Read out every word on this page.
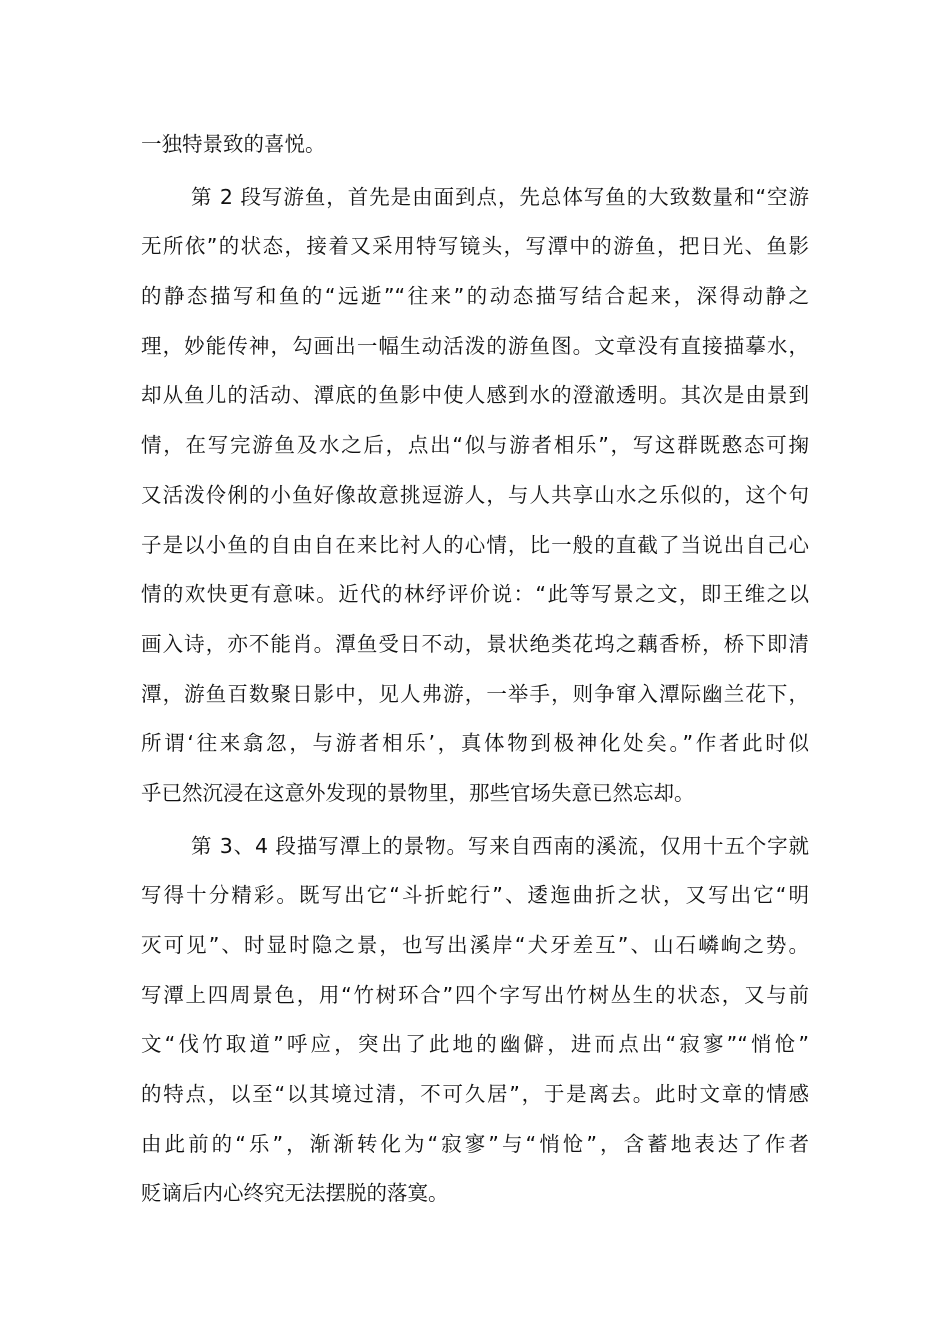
一独特景致的喜悦。
第 2 段写游鱼，首先是由面到点，先总体写鱼的大致数量和“空游
无所依”的状态，接着又采用特写镜头，写潭中的游鱼，把日光、鱼影
的静态描写和鱼的“远逝”“往来”的动态描写结合起来，深得动静之
理，妙能传神，勾画出一幅生动活泼的游鱼图。文章没有直接描摹水，
却从鱼儿的活动、潭底的鱼影中使人感到水的澄澈透明。其次是由景到
情，在写完游鱼及水之后，点出“似与游者相乐”，写这群既憨态可掬
又活泼伶俐的小鱼好像故意挑逗游人，与人共享山水之乐似的，这个句
子是以小鱼的自由自在来比衬人的心情，比一般的直截了当说出自己心
情的欢快更有意味。近代的林纾评价说：“此等写景之文，即王维之以
画入诗，亦不能肖。潭鱼受日不动，景状绝类花坞之藕香桥，桥下即清
潭，游鱼百数聚日影中，见人弗游，一举手，则争窜入潭际幽兰花下，
所谓‘往来翕忽，与游者相乐’，真体物到极神化处矣。”作者此时似
乎已然沉浸在这意外发现的景物里，那些官场失意已然忘却。
第 3、4 段描写潭上的景物。写来自西南的溪流，仅用十五个字就
写得十分精彩。既写出它“斗折蛇行”、逶迤曲折之状，又写出它“明
灭可见”、时显时隐之景，也写出溪岸“犬牙差互”、山石嶙峋之势。
写潭上四周景色，用“竹树环合”四个字写出竹树丛生的状态，又与前
文“伐竹取道”呼应，突出了此地的幽僻，进而点出“寂寥”“悄怆”
的特点，以至“以其境过清，不可久居”，于是离去。此时文章的情感
由此前的“乐”，渐渐转化为“寂寥”与“悄怆”，含蓄地表达了作者
贬谪后内心终究无法摆脱的落寞。
